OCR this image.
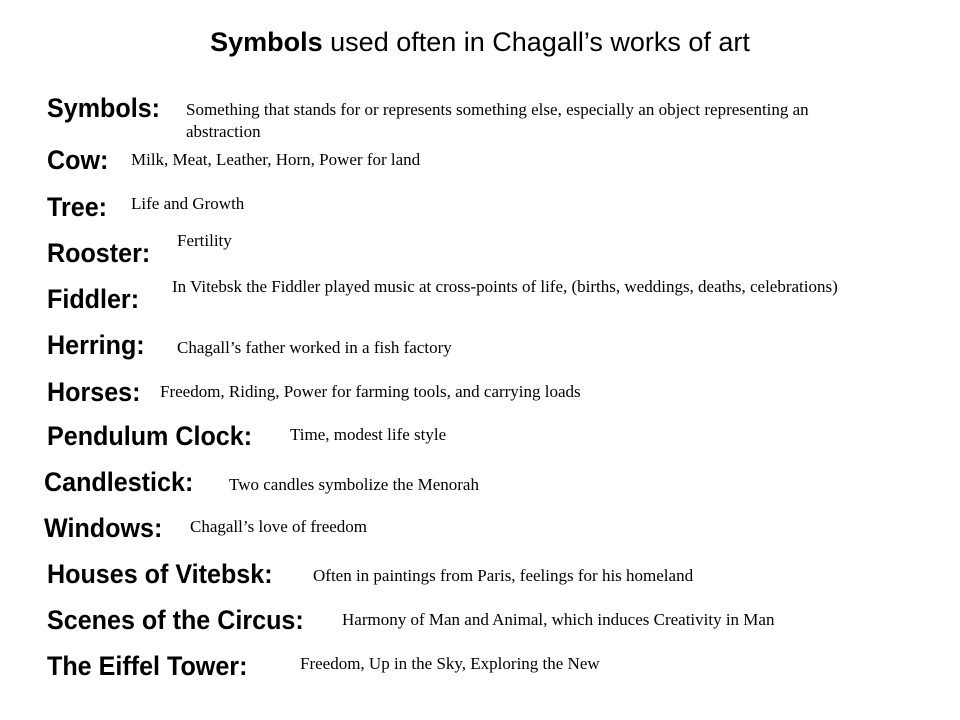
Symbols used often in Chagall’s works of art
Symbols: Something that stands for or represents something else, especially an object representing an abstraction
Cow: Milk, Meat, Leather, Horn, Power for land
Tree: Life and Growth
Rooster: Fertility
Fiddler: In Vitebsk the Fiddler played music at cross-points of life, (births, weddings, deaths, celebrations)
Herring: Chagall’s father worked in a fish factory
Horses: Freedom, Riding, Power for farming tools, and carrying loads
Pendulum Clock: Time, modest life style
Candlestick: Two candles symbolize the Menorah
Windows: Chagall’s love of freedom
Houses of Vitebsk: Often in paintings from Paris, feelings for his homeland
Scenes of the Circus: Harmony of Man and Animal, which induces Creativity in Man
The Eiffel Tower:	Freedom, Up in the Sky, Exploring the New
